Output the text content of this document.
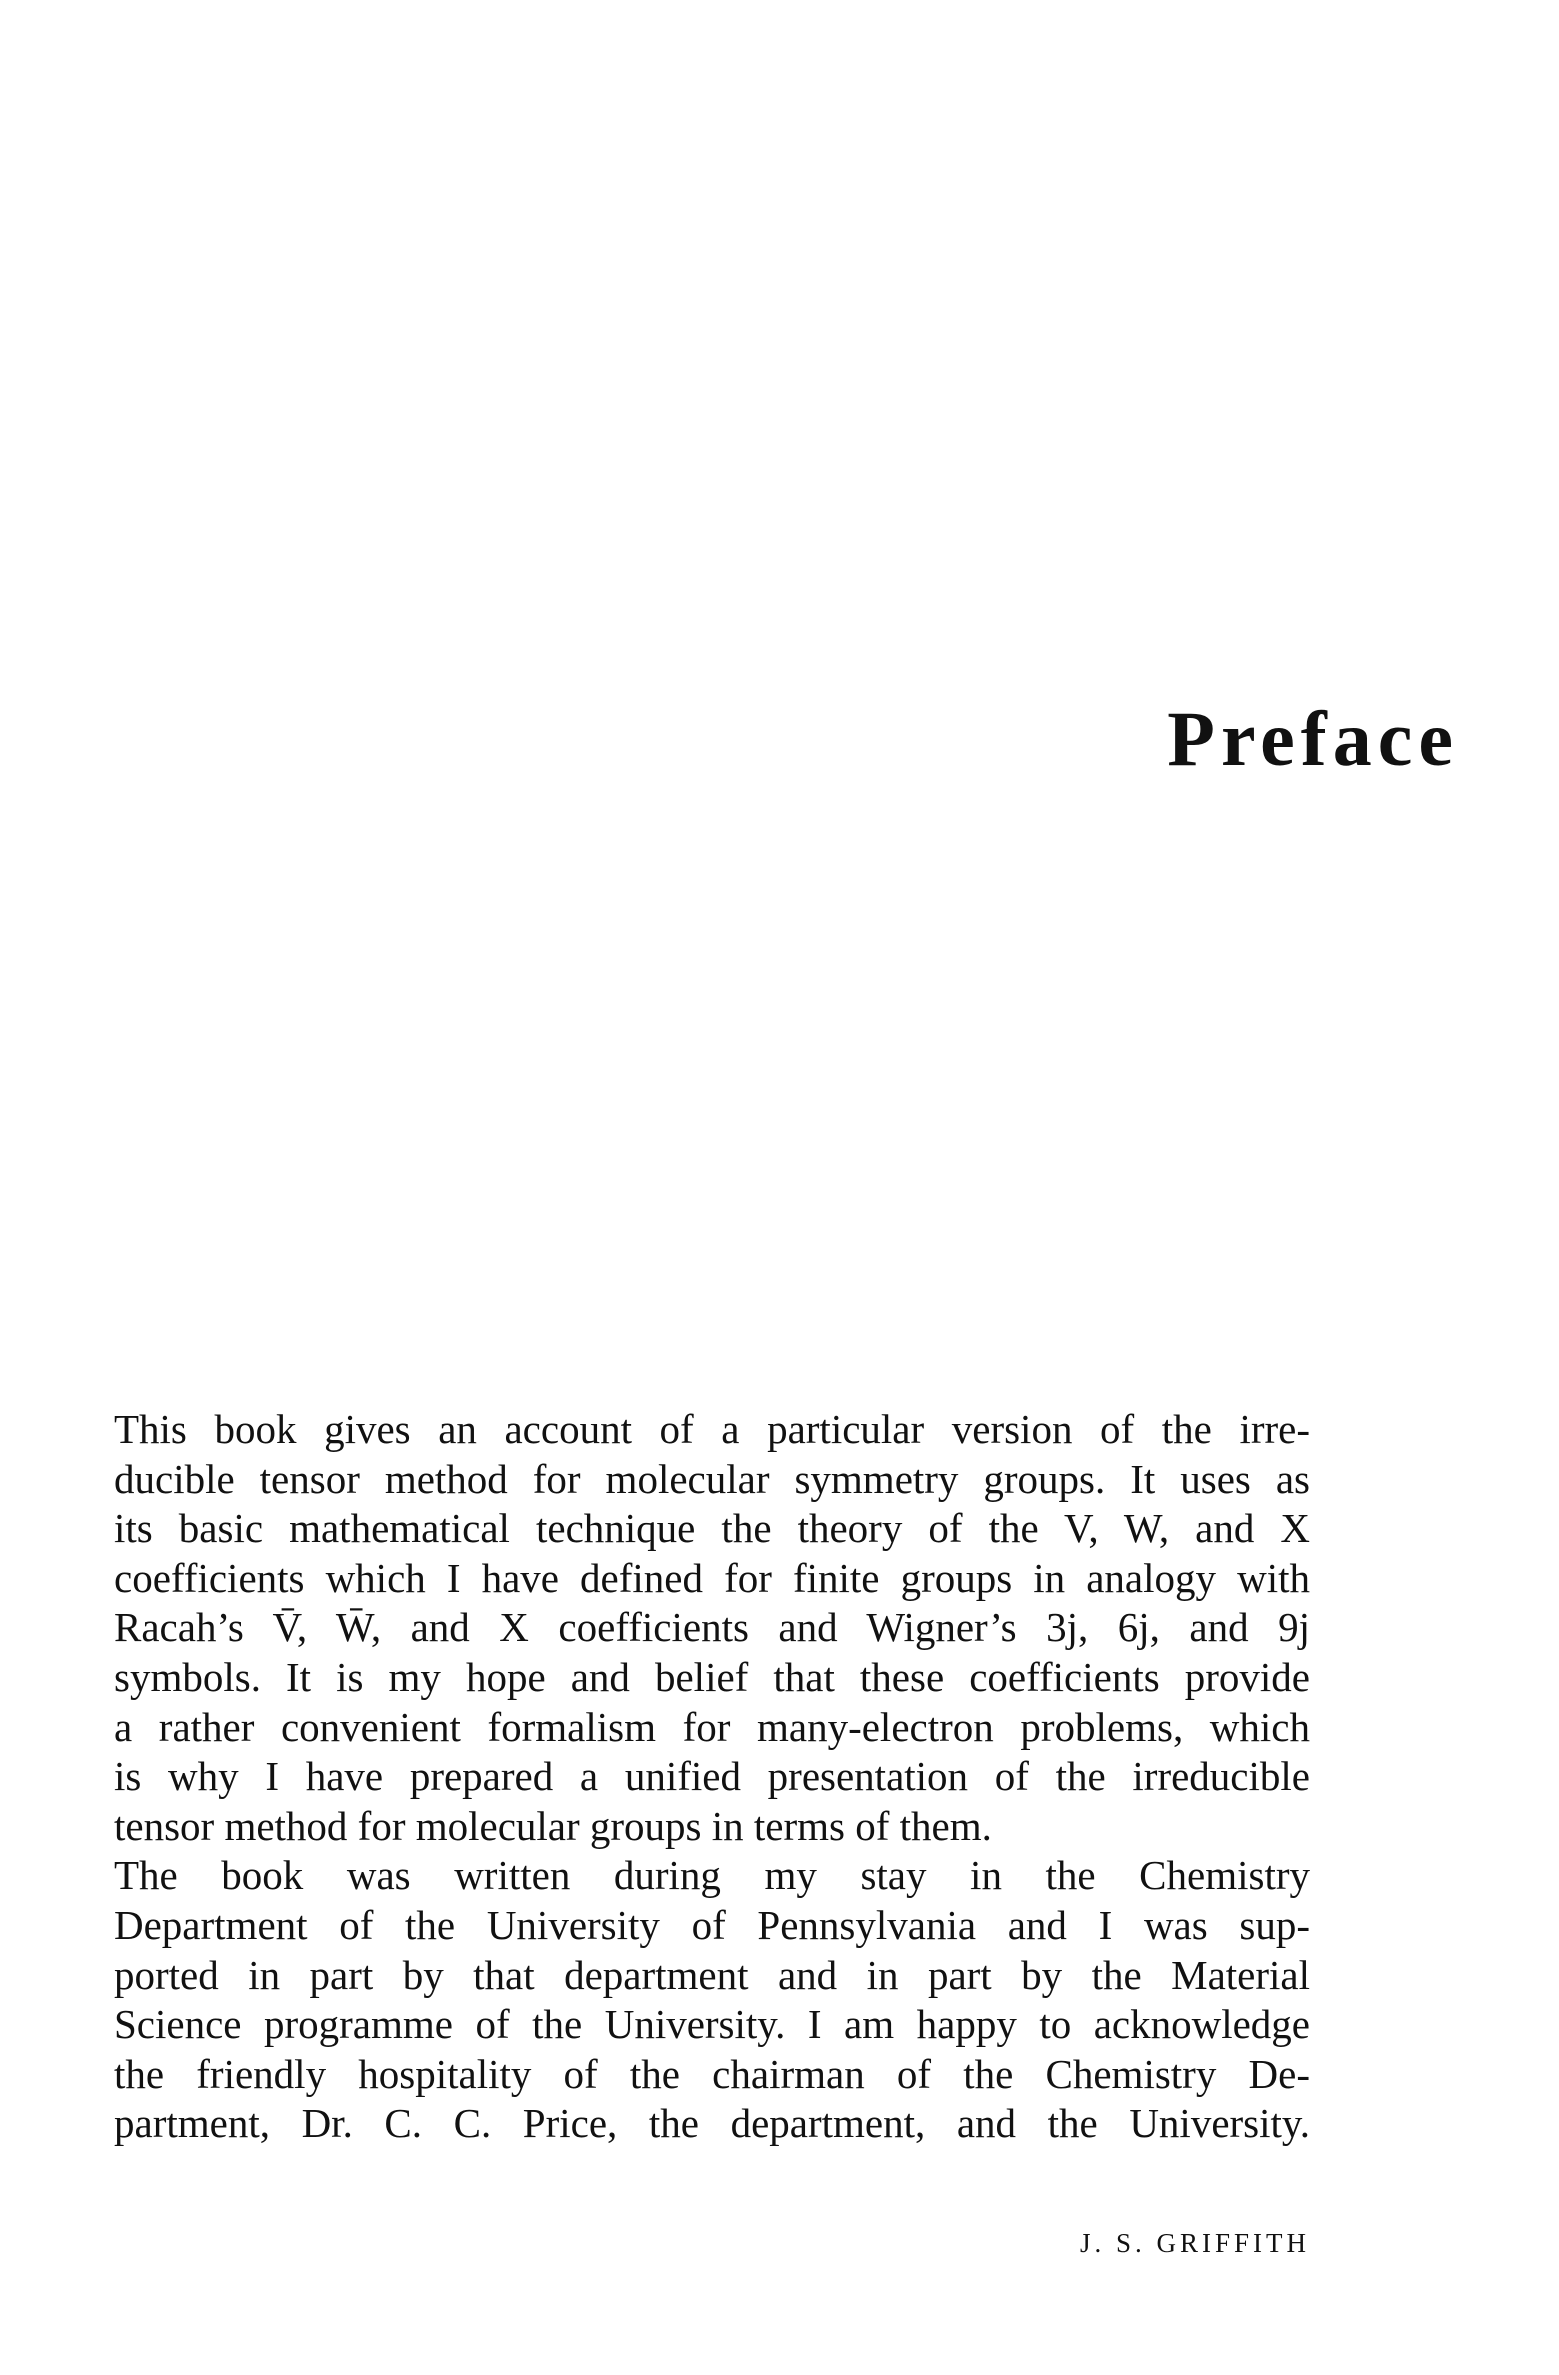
Preface

This book gives an account of a particular version of the irre-
ducible tensor method for molecular symmetry groups. It uses as
its basic mathematical technique the theory of the V, W, and X
coefficients which I have defined for finite groups in analogy with
Racah’s V̄, W̄, and X coefficients and Wigner’s 3j, 6j, and 9j
symbols. It is my hope and belief that these coefficients provide
a rather convenient formalism for many-electron problems, which
is why I have prepared a unified presentation of the irreducible
tensor method for molecular groups in terms of them.

The book was written during my stay in the Chemistry
Department of the University of Pennsylvania and I was sup-
ported in part by that department and in part by the Material
Science programme of the University. I am happy to acknowledge
the friendly hospitality of the chairman of the Chemistry De-
partment, Dr. C. C. Price, the department, and the University.

J. S. GRIFFITH
